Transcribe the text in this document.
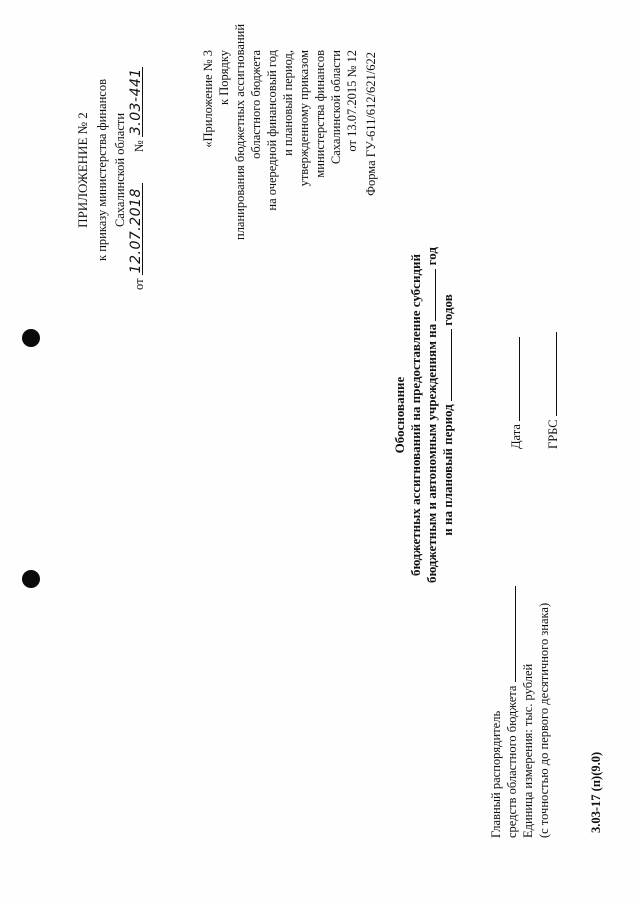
ПРИЛОЖЕНИЕ № 2 к приказу министерства финансов Сахалинской области
от
12.07.2018
№
3.03-441	«Приложение № 3 к Порядку планирования бюджетных ассигнований областного бюджета на очередной финансовый год и плановый период, утвержденному приказом министерства финансов Сахалинской области от 13.07.2015 № 12 Форма ГУ-611/612/621/622
Обоснование бюджетных ассигнований на предоставление субсидий бюджетным и автономным учреждениям на  год
и на плановый период  годов
Дата ГРБС
Главный распорядитель средств областного бюджета Единица измерения: тыс. рублей (с точностью до первого десятичного знака)	3.03-17 (п)(9.0)
